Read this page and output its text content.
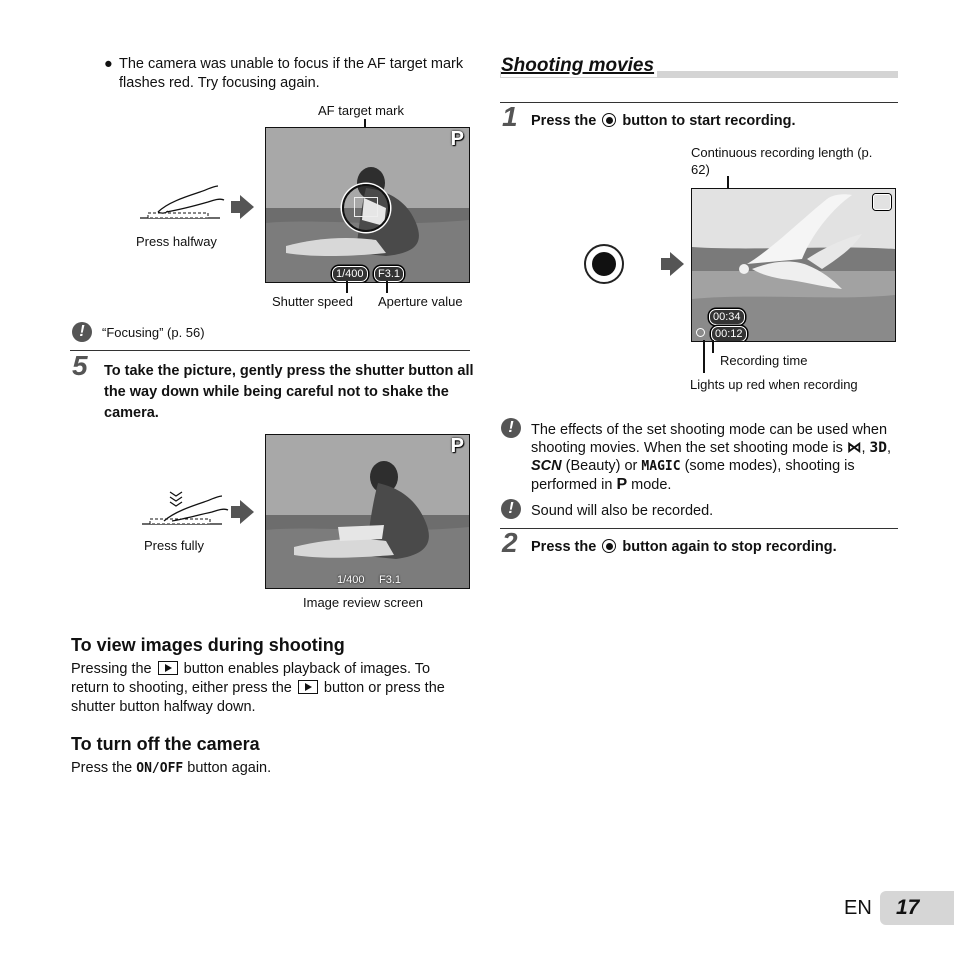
● The camera was unable to focus if the AF target mark flashes red. Try focusing again.
AF target mark
Press halfway
P
1/400	F3.1
Shutter speed Aperture value
!	“Focusing” (p. 56)
5 To take the picture, gently press the shutter button all the way down while being careful not to shake the camera.
Press fully
P
1/400 F3.1
Image review screen
To view images during shooting
Pressing the button enables playback of images. To return to shooting, either press the button or press the shutter button halfway down.
To turn off the camera
Press the ON/OFF button again.
Shooting movies
1 Press the button to start recording.
Continuous recording length (p. 62)
00:34
00:12
Recording time
Lights up red when recording
!	The effects of the set shooting mode can be used when shooting movies. When the set shooting mode is ⋈, 3D, SCN (Beauty) or MAGIC (some modes), shooting is performed in P mode.
!	Sound will also be recorded.
2 Press the button again to stop recording.
EN 17
